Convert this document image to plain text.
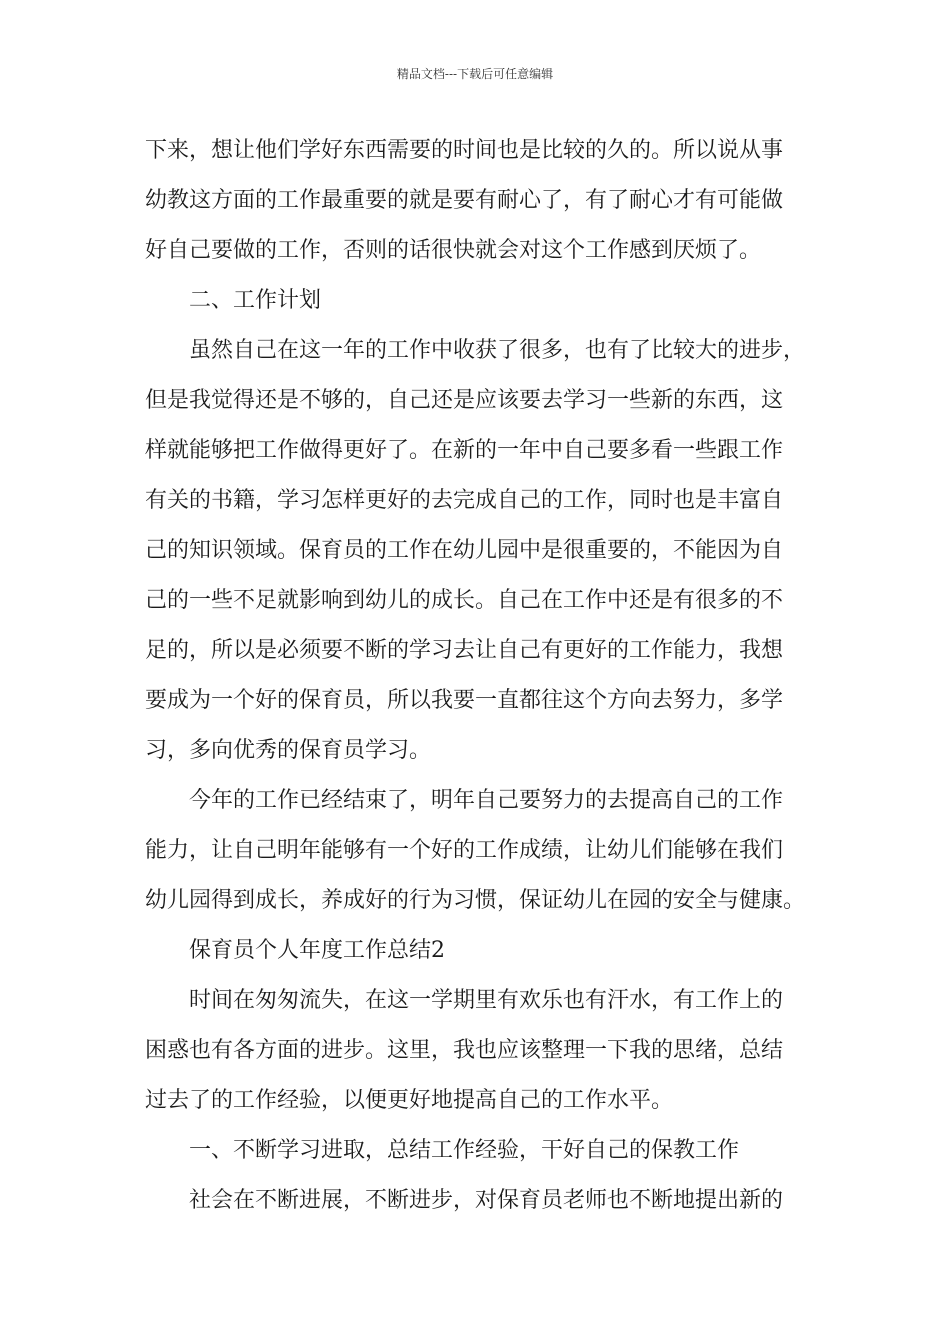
精品文档---下载后可任意编辑
下来，想让他们学好东西需要的时间也是比较的久的。所以说从事
幼教这方面的工作最重要的就是要有耐心了，有了耐心才有可能做
好自己要做的工作，否则的话很快就会对这个工作感到厌烦了。
二、工作计划
虽然自己在这一年的工作中收获了很多，也有了比较大的进步，
但是我觉得还是不够的，自己还是应该要去学习一些新的东西，这
样就能够把工作做得更好了。在新的一年中自己要多看一些跟工作
有关的书籍，学习怎样更好的去完成自己的工作，同时也是丰富自
己的知识领域。保育员的工作在幼儿园中是很重要的，不能因为自
己的一些不足就影响到幼儿的成长。自己在工作中还是有很多的不
足的，所以是必须要不断的学习去让自己有更好的工作能力，我想
要成为一个好的保育员，所以我要一直都往这个方向去努力，多学
习，多向优秀的保育员学习。
今年的工作已经结束了，明年自己要努力的去提高自己的工作
能力，让自己明年能够有一个好的工作成绩，让幼儿们能够在我们
幼儿园得到成长，养成好的行为习惯，保证幼儿在园的安全与健康。
保育员个人年度工作总结2
时间在匆匆流失，在这一学期里有欢乐也有汗水，有工作上的
困惑也有各方面的进步。这里，我也应该整理一下我的思绪，总结
过去了的工作经验，以便更好地提高自己的工作水平。
一、不断学习进取，总结工作经验，干好自己的保教工作
社会在不断进展，不断进步，对保育员老师也不断地提出新的
